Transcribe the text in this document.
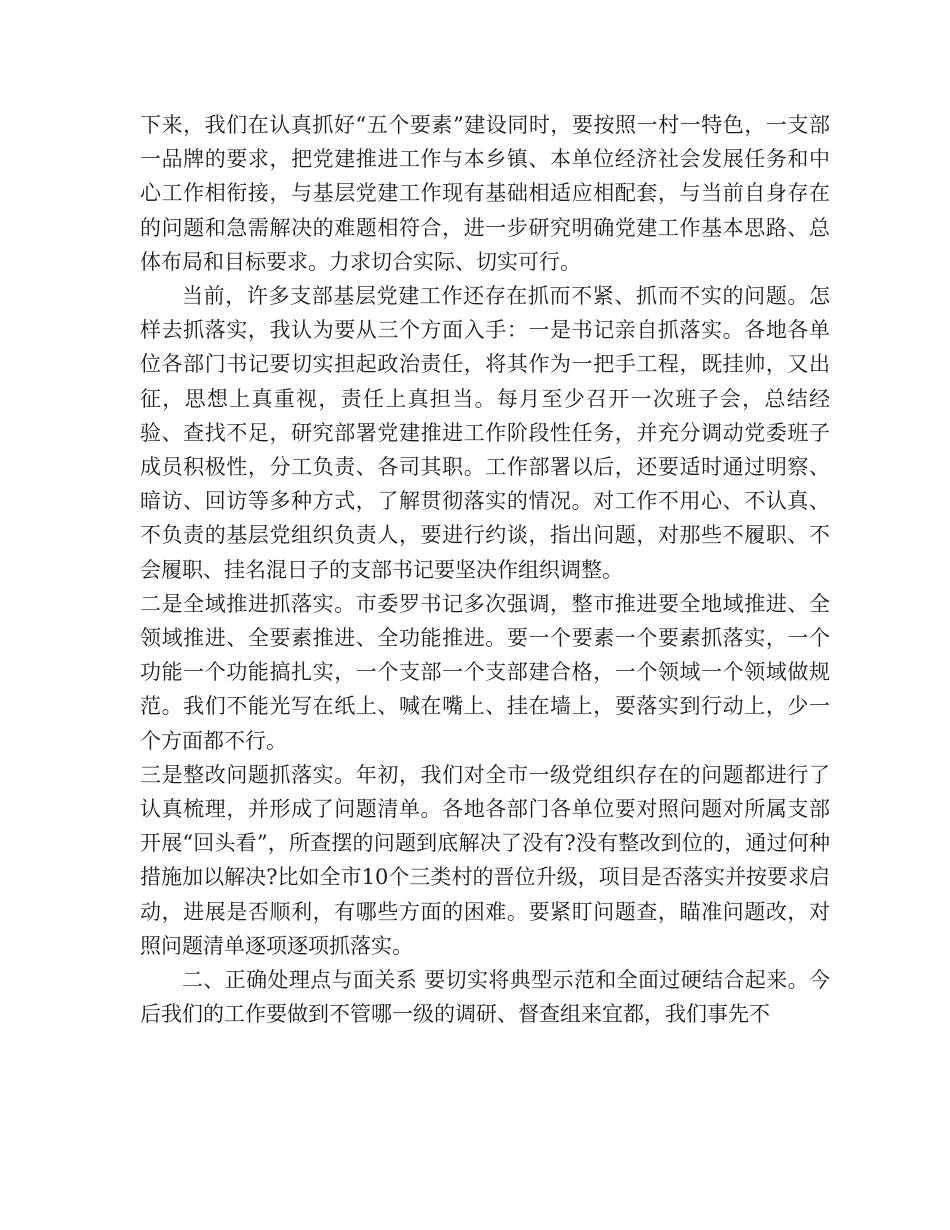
下来，我们在认真抓好“五个要素”建设同时，要按照一村一特色，一支部一品牌的要求，把党建推进工作与本乡镇、本单位经济社会发展任务和中心工作相衔接，与基层党建工作现有基础相适应相配套，与当前自身存在的问题和急需解决的难题相符合，进一步研究明确党建工作基本思路、总体布局和目标要求。力求切合实际、切实可行。

当前，许多支部基层党建工作还存在抓而不紧、抓而不实的问题。怎样去抓落实，我认为要从三个方面入手：一是书记亲自抓落实。各地各单位各部门书记要切实担起政治责任，将其作为一把手工程，既挂帅，又出征，思想上真重视，责任上真担当。每月至少召开一次班子会，总结经验、查找不足，研究部署党建推进工作阶段性任务，并充分调动党委班子成员积极性，分工负责、各司其职。工作部署以后，还要适时通过明察、暗访、回访等多种方式，了解贯彻落实的情况。对工作不用心、不认真、不负责的基层党组织负责人，要进行约谈，指出问题，对那些不履职、不会履职、挂名混日子的支部书记要坚决作组织调整。

二是全域推进抓落实。市委罗书记多次强调，整市推进要全地域推进、全领域推进、全要素推进、全功能推进。要一个要素一个要素抓落实，一个功能一个功能搞扎实，一个支部一个支部建合格，一个领域一个领域做规范。我们不能光写在纸上、喊在嘴上、挂在墙上，要落实到行动上，少一个方面都不行。

三是整改问题抓落实。年初，我们对全市一级党组织存在的问题都进行了认真梳理，并形成了问题清单。各地各部门各单位要对照问题对所属支部开展“回头看”，所查摆的问题到底解决了没有?没有整改到位的，通过何种措施加以解决?比如全市10个三类村的晋位升级，项目是否落实并按要求启动，进展是否顺利，有哪些方面的困难。要紧盯问题查，瞄准问题改，对照问题清单逐项逐项抓落实。

二、正确处理点与面关系 要切实将典型示范和全面过硬结合起来。今后我们的工作要做到不管哪一级的调研、督查组来宜都，我们事先不
